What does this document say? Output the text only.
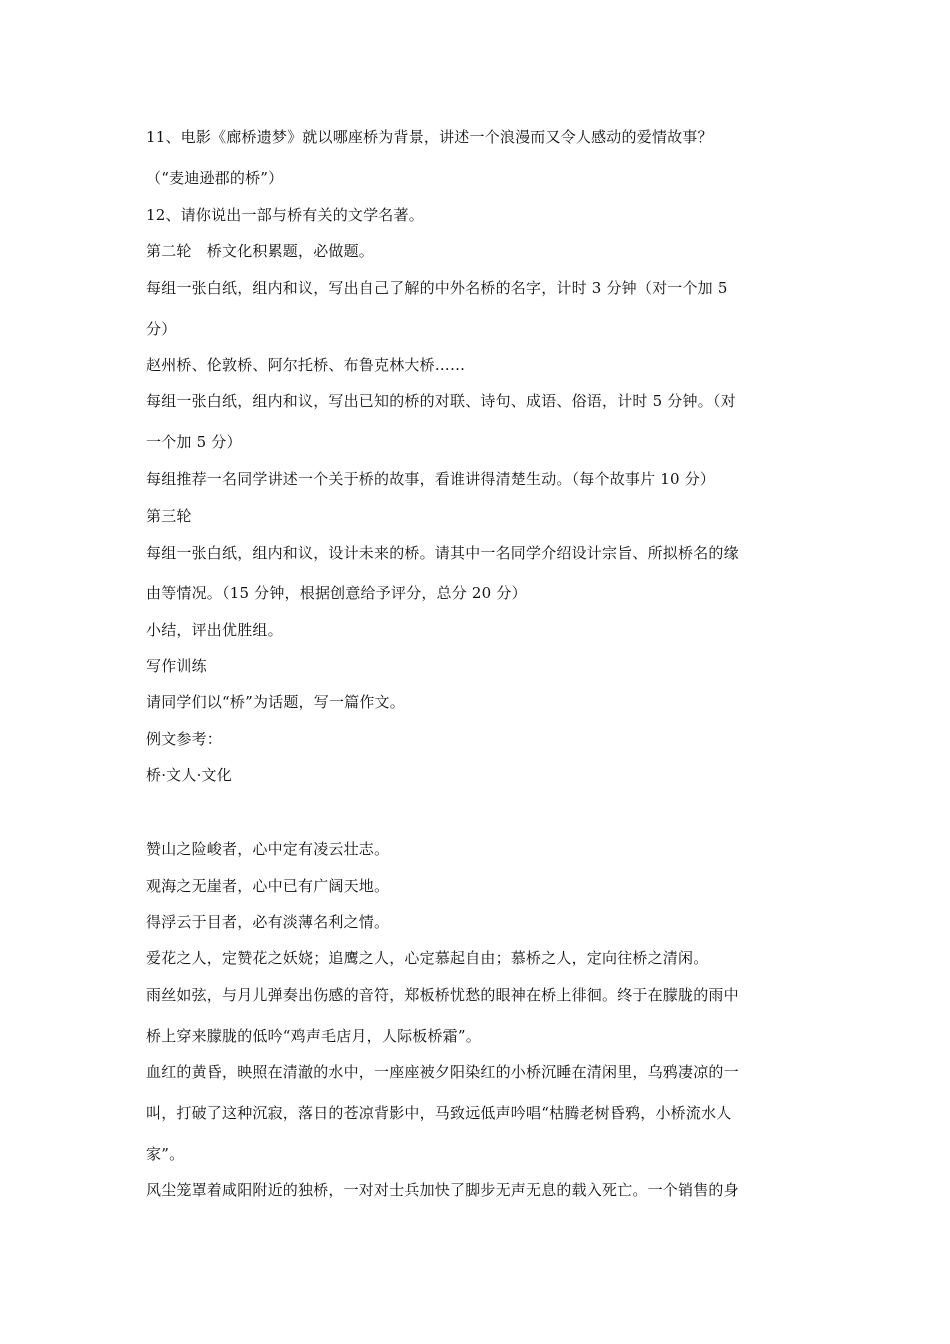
11、电影《廊桥遗梦》就以哪座桥为背景，讲述一个浪漫而又令人感动的爱情故事？
（“麦迪逊郡的桥”）
12、请你说出一部与桥有关的文学名著。
第二轮　桥文化积累题，必做题。
每组一张白纸，组内和议，写出自己了解的中外名桥的名字，计时 3 分钟（对一个加 5
分）
赵州桥、伦敦桥、阿尔托桥、布鲁克林大桥……
每组一张白纸，组内和议，写出已知的桥的对联、诗句、成语、俗语，计时 5 分钟。（对
一个加 5 分）
每组推荐一名同学讲述一个关于桥的故事，看谁讲得清楚生动。（每个故事片 10 分）
第三轮
每组一张白纸，组内和议，设计未来的桥。请其中一名同学介绍设计宗旨、所拟桥名的缘
由等情况。（15 分钟，根据创意给予评分，总分 20 分）
小结，评出优胜组。
写作训练
请同学们以“桥”为话题，写一篇作文。
例文参考：
桥·文人·文化
赞山之险峻者，心中定有凌云壮志。
观海之无崖者，心中已有广阔天地。
得浮云于目者，必有淡薄名利之情。
爱花之人，定赞花之妖娆；追鹰之人，心定慕起自由；慕桥之人，定向往桥之清闲。
雨丝如弦，与月儿弹奏出伤感的音符，郑板桥忧愁的眼神在桥上徘徊。终于在朦胧的雨中
桥上穿来朦胧的低吟“鸡声毛店月，人际板桥霜”。
血红的黄昏，映照在清澈的水中，一座座被夕阳染红的小桥沉睡在清闲里，乌鸦凄凉的一
叫，打破了这种沉寂，落日的苍凉背影中，马致远低声吟唱“枯腾老树昏鸦，小桥流水人
家”。
风尘笼罩着咸阳附近的独桥，一对对士兵加快了脚步无声无息的载入死亡。一个销售的身
